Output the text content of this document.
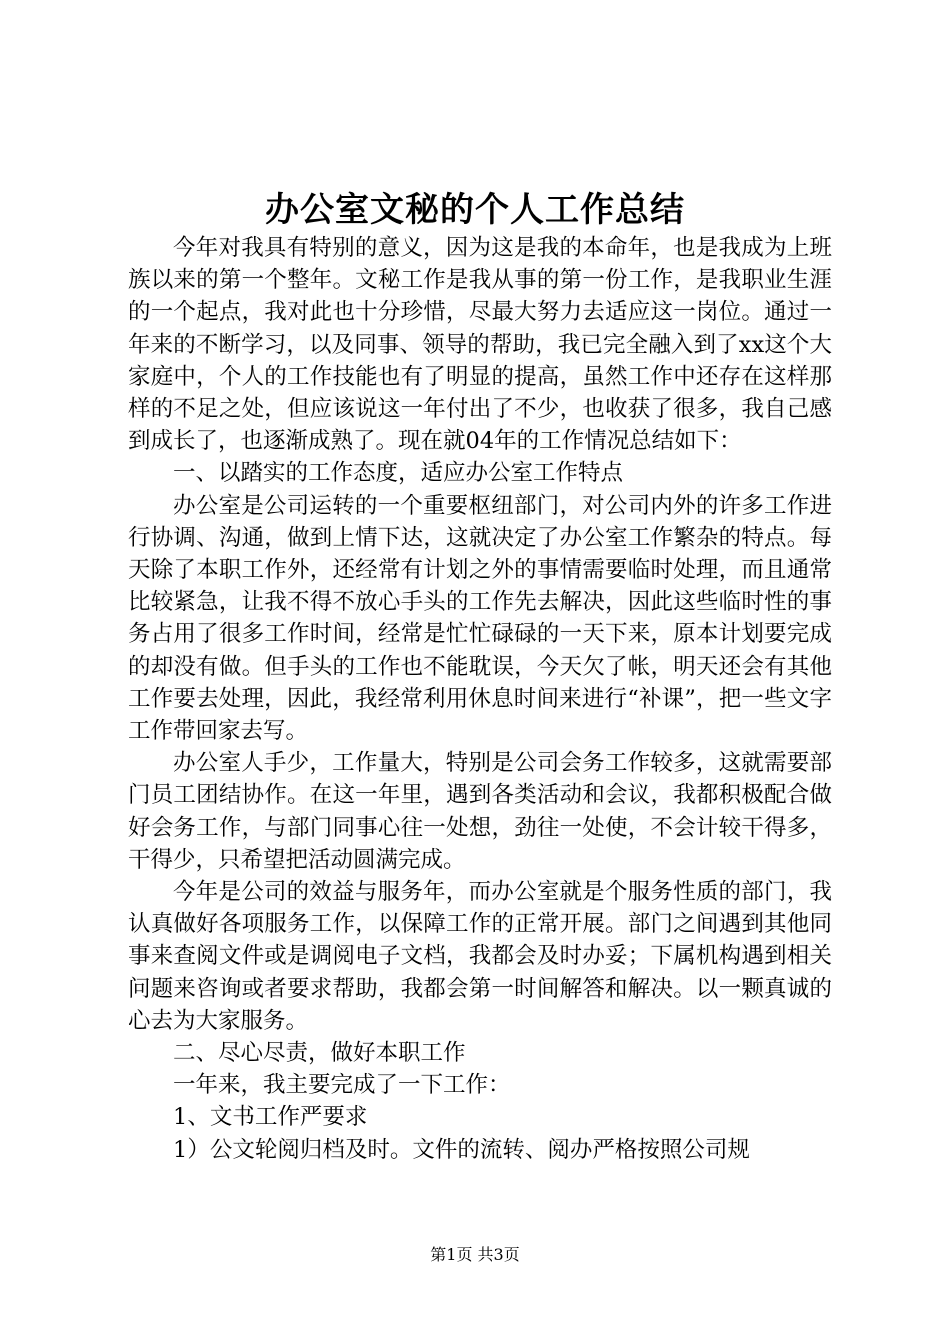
办公室文秘的个人工作总结

今年对我具有特别的意义，因为这是我的本命年，也是我成为上班族以来的第一个整年。文秘工作是我从事的第一份工作，是我职业生涯的一个起点，我对此也十分珍惜，尽最大努力去适应这一岗位。通过一年来的不断学习，以及同事、领导的帮助，我已完全融入到了xx这个大家庭中，个人的工作技能也有了明显的提高，虽然工作中还存在这样那样的不足之处，但应该说这一年付出了不少，也收获了很多，我自己感到成长了，也逐渐成熟了。现在就04年的工作情况总结如下：

一、以踏实的工作态度，适应办公室工作特点

办公室是公司运转的一个重要枢纽部门，对公司内外的许多工作进行协调、沟通，做到上情下达，这就决定了办公室工作繁杂的特点。每天除了本职工作外，还经常有计划之外的事情需要临时处理，而且通常比较紧急，让我不得不放心手头的工作先去解决，因此这些临时性的事务占用了很多工作时间，经常是忙忙碌碌的一天下来，原本计划要完成的却没有做。但手头的工作也不能耽误，今天欠了帐，明天还会有其他工作要去处理，因此，我经常利用休息时间来进行“补课”，把一些文字工作带回家去写。

办公室人手少，工作量大，特别是公司会务工作较多，这就需要部门员工团结协作。在这一年里，遇到各类活动和会议，我都积极配合做好会务工作，与部门同事心往一处想，劲往一处使，不会计较干得多，干得少，只希望把活动圆满完成。

今年是公司的效益与服务年，而办公室就是个服务性质的部门，我认真做好各项服务工作，以保障工作的正常开展。部门之间遇到其他同事来查阅文件或是调阅电子文档，我都会及时办妥；下属机构遇到相关问题来咨询或者要求帮助，我都会第一时间解答和解决。以一颗真诚的心去为大家服务。

二、尽心尽责，做好本职工作

一年来，我主要完成了一下工作：

1、文书工作严要求

1）公文轮阅归档及时。文件的流转、阅办严格按照公司规

第1页 共3页
